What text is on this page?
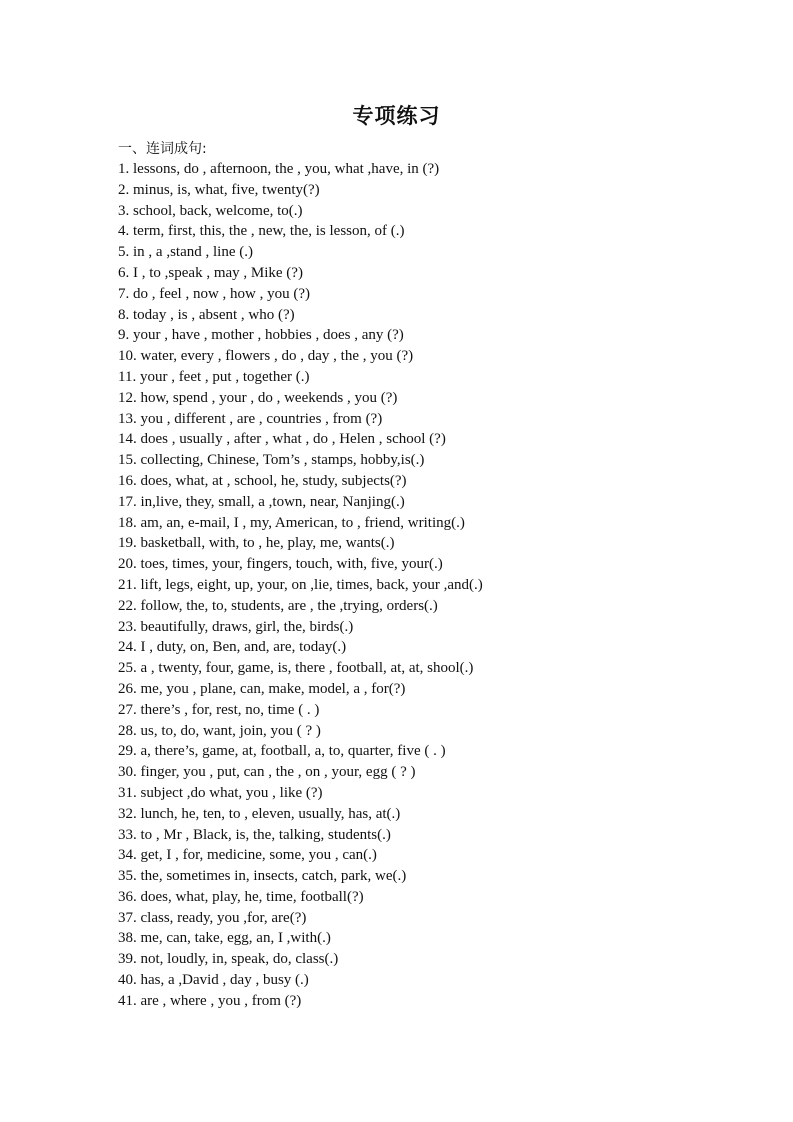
专项练习
一、连词成句:
1. lessons, do , afternoon, the , you, what ,have, in (?)
2. minus, is, what, five, twenty(?)
3. school, back, welcome, to(.)
4. term, first, this, the , new, the, is lesson, of (.)
5. in , a ,stand , line (.)
6. I , to ,speak , may , Mike (?)
7. do , feel , now , how , you (?)
8. today , is , absent , who (?)
9. your , have , mother , hobbies , does , any (?)
10. water, every , flowers , do , day , the , you (?)
11. your , feet , put , together (.)
12. how, spend , your , do , weekends , you (?)
13. you , different , are , countries , from (?)
14. does , usually , after , what , do , Helen , school (?)
15. collecting, Chinese, Tom’s , stamps, hobby,is(.)
16. does, what, at , school, he, study, subjects(?)
17. in,live, they, small, a ,town, near, Nanjing(.)
18. am, an, e-mail, I , my, American, to , friend, writing(.)
19. basketball, with, to , he, play, me, wants(.)
20. toes, times, your, fingers, touch, with, five, your(.)
21. lift, legs, eight, up, your, on ,lie, times, back, your ,and(.)
22. follow, the, to, students, are , the ,trying, orders(.)
23. beautifully, draws, girl, the, birds(.)
24. I , duty, on, Ben, and, are, today(.)
25. a , twenty, four, game, is, there , football, at, at, shool(.)
26. me, you , plane, can, make, model, a , for(?)
27. there’s , for, rest, no, time ( . )
28. us, to, do, want, join, you ( ? )
29. a, there’s, game, at, football, a, to, quarter, five ( . )
30. finger, you , put, can , the , on , your, egg ( ? )
31. subject ,do what, you , like (?)
32. lunch, he, ten, to , eleven, usually, has, at(.)
33. to , Mr , Black, is, the, talking, students(.)
34. get, I , for, medicine, some, you , can(.)
35. the, sometimes in, insects, catch, park, we(.)
36. does, what, play, he, time, football(?)
37. class, ready, you ,for, are(?)
38. me, can, take, egg, an, I ,with(.)
39. not, loudly, in, speak, do, class(.)
40. has, a ,David , day , busy (.)
41. are , where , you , from (?)
